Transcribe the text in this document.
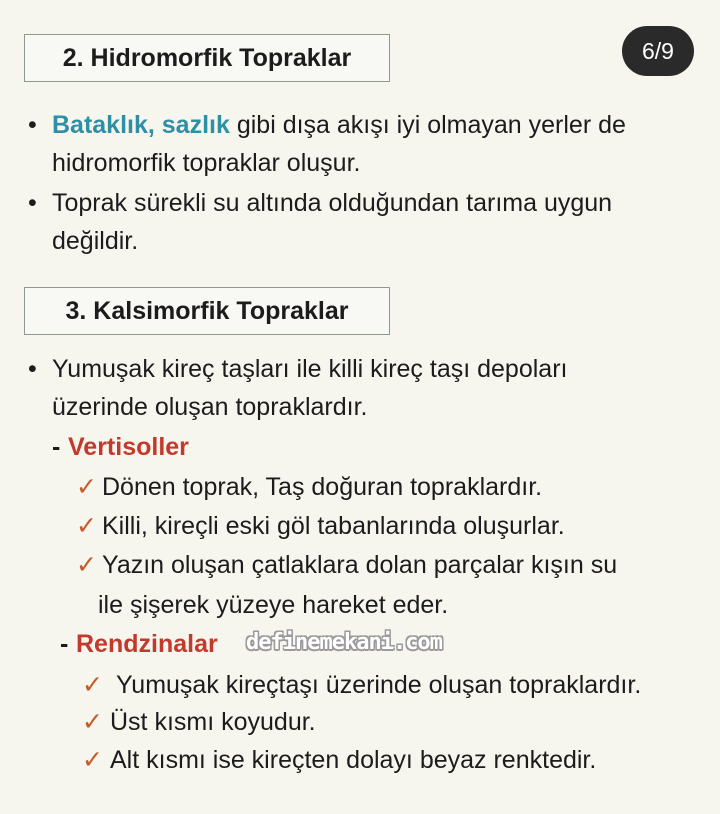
6/9
2. Hidromorfik Topraklar
• Bataklık, sazlık gibi dışa akışı iyi olmayan yerler de
hidromorfik topraklar oluşur.
• Toprak sürekli su altında olduğundan tarıma uygun
değildir.
3. Kalsimorfik Topraklar
• Yumuşak kireç taşları ile killi kireç taşı depoları
üzerinde oluşan topraklardır.
- Vertisoller
✓ Dönen toprak, Taş doğuran topraklardır.
✓ Killi, kireçli eski göl tabanlarında oluşurlar.
✓ Yazın oluşan çatlaklara dolan parçalar kışın su
ile şişerek yüzeye hareket eder.
- Rendzinalar definemekani.com
✓ Yumuşak kireçtaşı üzerinde oluşan topraklardır.
✓ Üst kısmı koyudur.
✓ Alt kısmı ise kireçten dolayı beyaz renktedir.
